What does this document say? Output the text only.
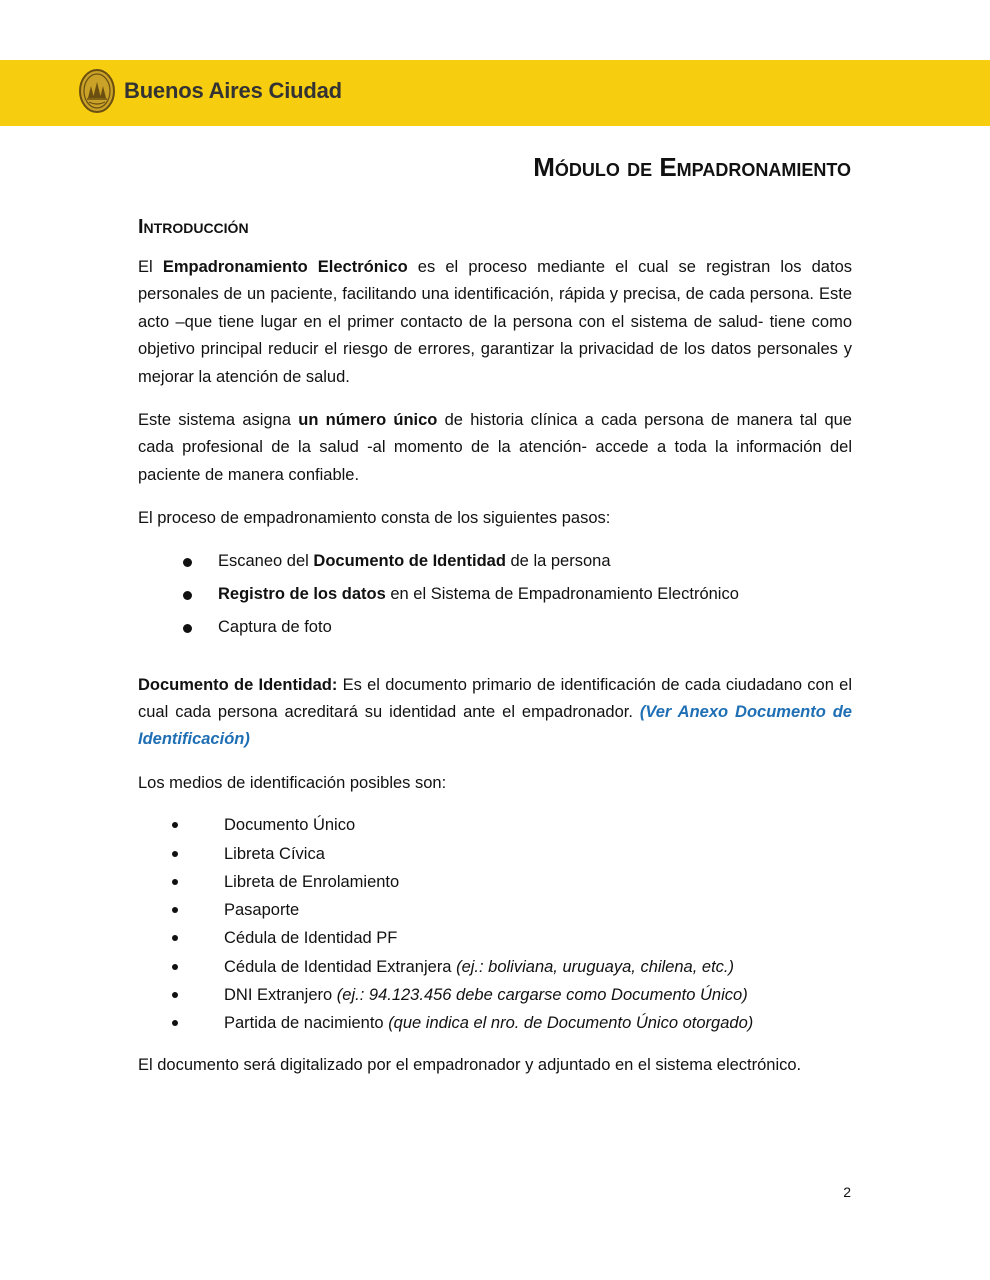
Buenos Aires Ciudad
Módulo de Empadronamiento
Introducción

El Empadronamiento Electrónico es el proceso mediante el cual se registran los datos personales de un paciente, facilitando una identificación, rápida y precisa, de cada persona. Este acto –que tiene lugar en el primer contacto de la persona con el sistema de salud- tiene como objetivo principal reducir el riesgo de errores, garantizar la privacidad de los datos personales y mejorar la atención de salud.

Este sistema asigna un número único de historia clínica a cada persona de manera tal que cada profesional de la salud -al momento de la atención- accede a toda la información del paciente de manera confiable.

El proceso de empadronamiento consta de los siguientes pasos:

Escaneo del Documento de Identidad de la persona
Registro de los datos en el Sistema de Empadronamiento Electrónico
Captura de foto

Documento de Identidad: Es el documento primario de identificación de cada ciudadano con el cual cada persona acreditará su identidad ante el empadronador. (Ver Anexo Documento de Identificación)

Los medios de identificación posibles son:

Documento Único
Libreta Cívica
Libreta de Enrolamiento
Pasaporte
Cédula de Identidad PF
Cédula de Identidad Extranjera (ej.: boliviana, uruguaya, chilena, etc.)
DNI Extranjero (ej.: 94.123.456 debe cargarse como Documento Único)
Partida de nacimiento (que indica el nro. de Documento Único otorgado)

El documento será digitalizado por el empadronador y adjuntado en el sistema electrónico.

2
